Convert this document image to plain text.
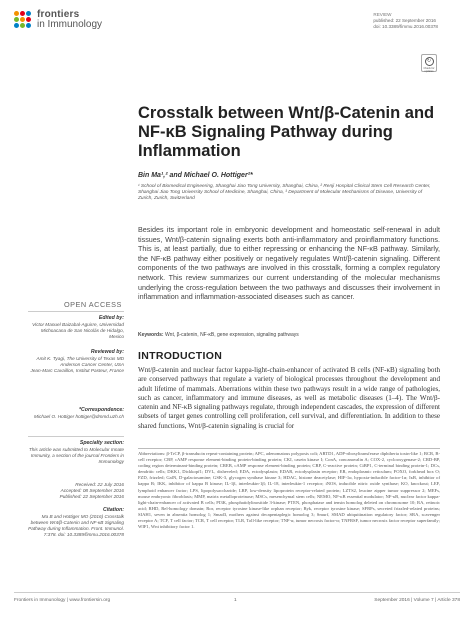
frontiers
in Immunology
REVIEW
published: 22 September 2016
doi: 10.3389/fimmu.2016.00378
↻
Check for updates
Crosstalk between Wnt/β-Catenin and NF-κB Signaling Pathway during Inflammation
Bin Ma¹,² and Michael O. Hottiger²*
¹ School of Biomedical Engineering, Shanghai Jiao Tong University, Shanghai, China, ² Renji Hospital Clinical Stem Cell Research Center, Shanghai Jiao Tong University School of Medicine, Shanghai, China, ³ Department of Molecular Mechanisms of Disease, University of Zurich, Zurich, Switzerland
Besides its important role in embryonic development and homeostatic self-renewal in adult tissues, Wnt/β-catenin signaling exerts both anti-inflammatory and proinflammatory functions. This is, at least partially, due to either repressing or enhancing the NF-κB pathway. Similarly, the NF-κB pathway either positively or negatively regulates Wnt/β-catenin signaling. Different components of the two pathways are involved in this crosstalk, forming a complex regulatory network. This review summarizes our current understanding of the molecular mechanisms underlying the cross-regulation between the two pathways and discusses their involvement in inflammation and inflammation-associated diseases such as cancer.
Keywords: Wnt, β-catenin, NF-κB, gene expression, signaling pathways
INTRODUCTION
Wnt/β-catenin and nuclear factor kappa-light-chain-enhancer of activated B cells (NF-κB) signaling both are conserved pathways that regulate a variety of biological processes throughout the development and adult lifetime of mammals. Aberrations within these two pathways result in a wide range of pathologies, such as cancer, inflammatory and immune diseases, as well as metabolic diseases (1–4). The Wnt/β-catenin and NF-κB signaling pathways regulate, through independent cascades, the expression of different subsets of target genes controlling cell proliferation, cell survival, and differentiation. In addition to these shared functions, Wnt/β-catenin signaling is crucial for
Abbreviations: β-TrCP, β-transducin repeat-containing protein; APC, adenomatous polyposis coli; ARTD1, ADP-ribosyltransferase diphtheria toxin-like 1; BCR, B-cell receptor; CBP, cAMP response element-binding protein-binding protein; CKI, casein kinase I; ConA, concanavalin A; COX-2, cyclooxygenase-2; CRD-BP, coding region determinant-binding protein; CREB, cAMP response element-binding protein; CRP, C-reactive protein; CtBP1, C-terminal binding protein-1; DCs, dendritic cells; DKK1, Dickkopf1; DVL, disheveled; EDA, ectodysplasin; EDAR, ectodysplasin receptor; ER, endoplasmic reticulum; FOXO, forkhead box O; FZD, frizzled; GalN, D-galactosamine; GSK-3, glycogen synthase kinase 3; HDAC, histone deacetylase; HIF-1α, hypoxia-inducible factor-1α; IκB, inhibitor of kappa B; IKK, inhibitor of kappa B kinase; IL-1β, interleukin-1β; IL-18, interleukin-1 receptor; iNOS, inducible nitric oxide synthase; KO, knockout; LEF, lymphoid enhancer factor; LPS, lipopolysaccharide; LRP, low-density lipoprotein receptor-related protein; LZTS2, leucine zipper tumor suppressor 2; MEFs, mouse embryonic fibroblasts; MMP, matrix metalloproteinase; MSCs, mesenchymal stem cells; NEMO, NF-κB essential modulator; NF-κB, nuclear factor kappa-light-chain-enhancer of activated B cells; PI3K, phosphatidylinositide 3-kinase; PTEN, phosphatase and tensin homolog deleted on chromosome 10; RA, retinoic acid; RHD, Rel-homology domain; Ror, receptor tyrosine kinase-like orphan receptor; Ryk, receptor tyrosine kinase; SFRPs, secreted frizzled-related proteins; SIAH1, seven in absentia homolog 1; Smad3, mothers against decapentaplegic homolog 3; Smurf, SMAD ubiquitination regulatory factor; SRA, scavenger receptor A; TCF, T cell factor; TCR, T cell receptor; TLR, Toll-like receptor; TNF-α, tumor necrosis factor-α; TNFRSF, tumor necrosis factor receptor superfamily; WIF1, Wnt inhibitory factor 1.
OPEN ACCESS
Edited by:
Victor Manuel Baizabal-Aguirre, Universidad Michoacana de San Nicolás de Hidalgo, Mexico
Reviewed by:
Amit K. Tyagi, The University of Texas MD Anderson Cancer Center, USA
Jean-Marc Cavaillon, Institut Pasteur, France
*Correspondence:
Michael O. Hottiger hottiger@dmmd.uzh.ch
Specialty section:
This article was submitted to Molecular Innate Immunity, a section of the journal Frontiers in Immunology
Received: 22 July 2016
Accepted: 08 September 2016
Published: 22 September 2016
Citation:
Ma B and Hottiger MO (2016) Crosstalk between Wnt/β-Catenin and NF-κB Signaling Pathway during Inflammation. Front. Immunol. 7:378. doi: 10.3389/fimmu.2016.00378
Frontiers in Immunology | www.frontiersin.org	1	September 2016 | Volume 7 | Article 378
